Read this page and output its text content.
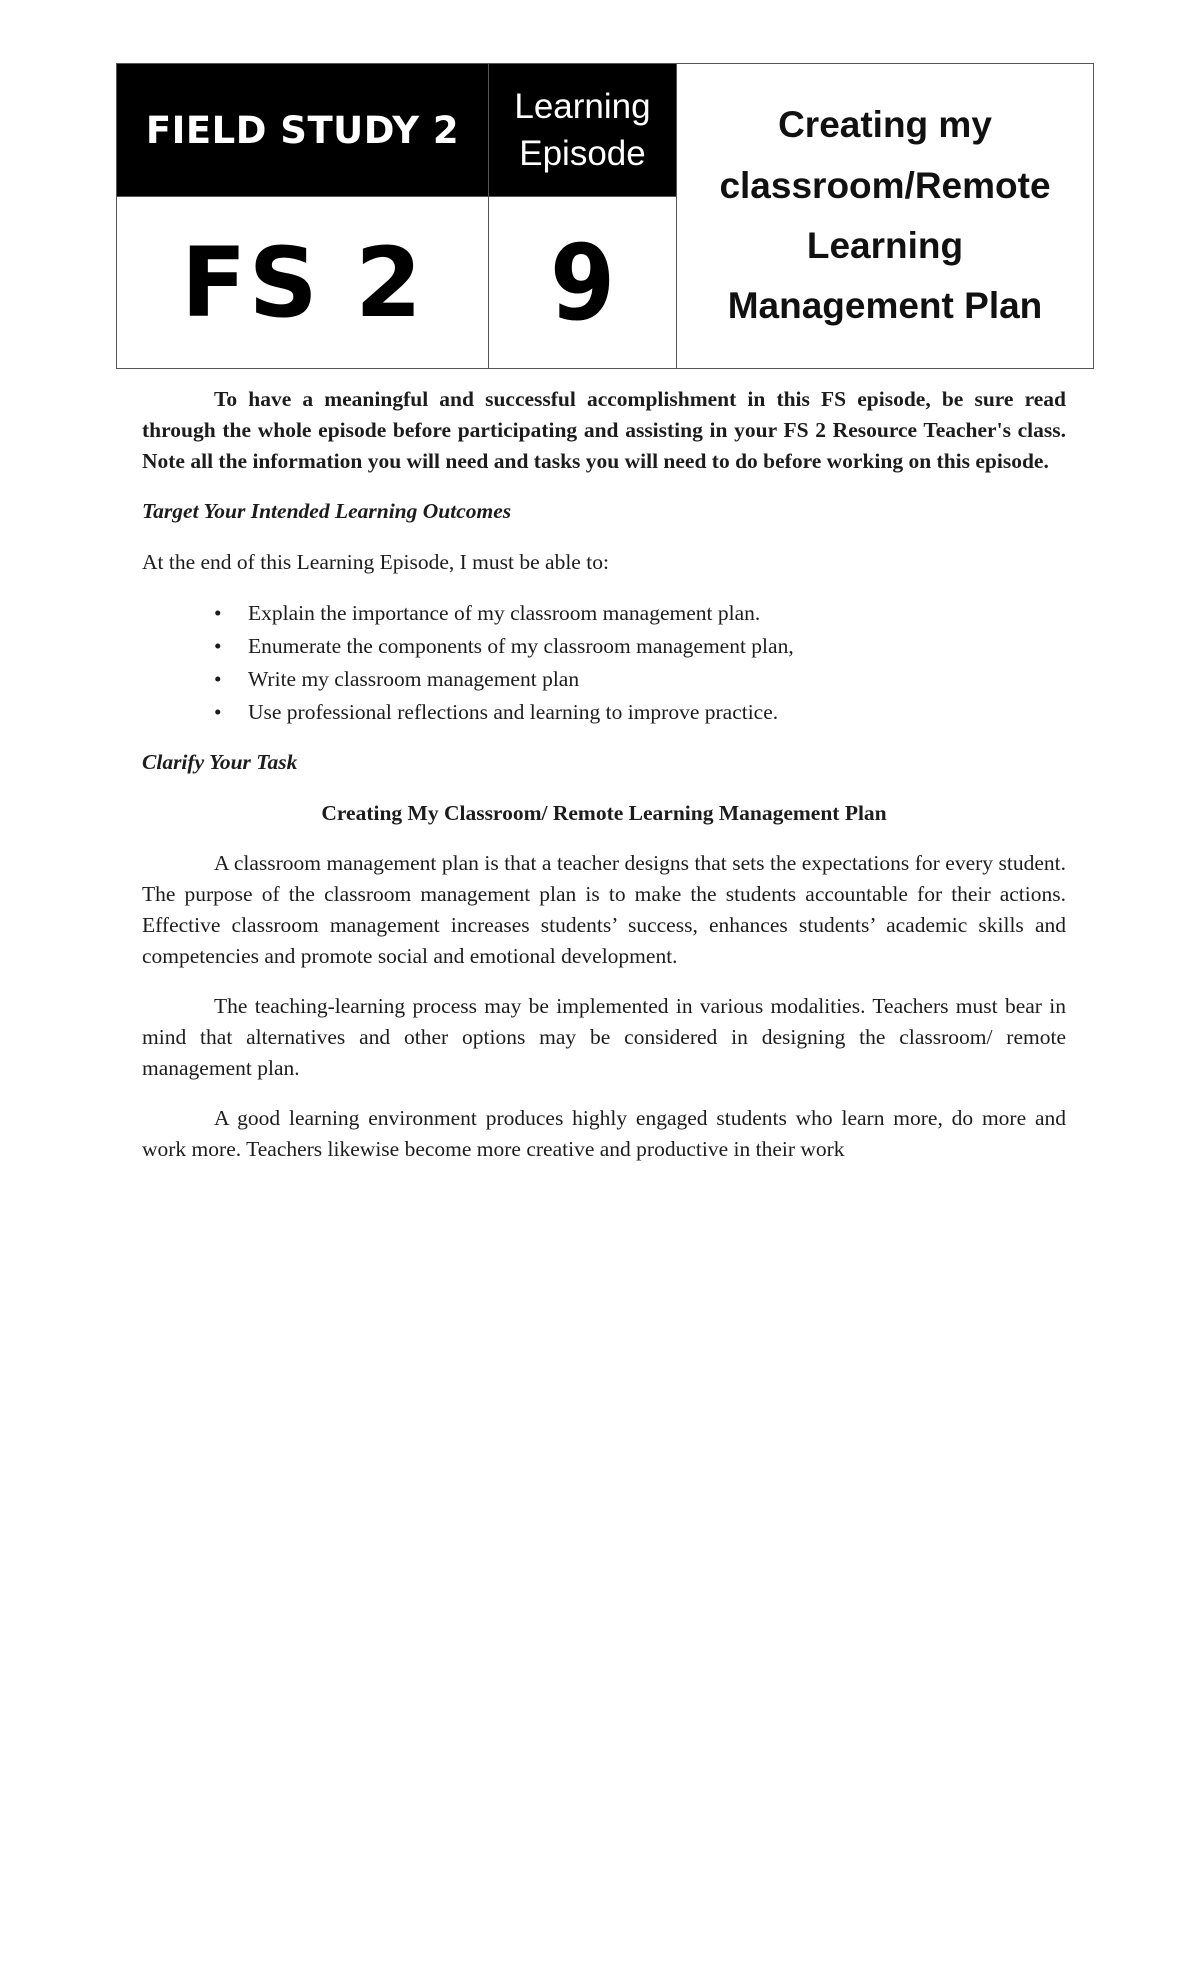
FIELD STUDY 2
Learning
Episode
Creating my
classroom/Remote
Learning
Management Plan
FS 2	9

To have a meaningful and successful accomplishment in this FS episode, be sure read through the whole episode before participating and assisting in your FS 2 Resource Teacher's class. Note all the information you will need and tasks you will need to do before working on this episode.

Target Your Intended Learning Outcomes

At the end of this Learning Episode, I must be able to:

• Explain the importance of my classroom management plan.
• Enumerate the components of my classroom management plan,
• Write my classroom management plan
• Use professional reflections and learning to improve practice.

Clarify Your Task

Creating My Classroom/ Remote Learning Management Plan

A classroom management plan is that a teacher designs that sets the expectations for every student. The purpose of the classroom management plan is to make the students accountable for their actions. Effective classroom management increases students’ success, enhances students’ academic skills and competencies and promote social and emotional development.

The teaching-learning process may be implemented in various modalities. Teachers must bear in mind that alternatives and other options may be considered in designing the classroom/ remote management plan.

A good learning environment produces highly engaged students who learn more, do more and work more. Teachers likewise become more creative and productive in their work
